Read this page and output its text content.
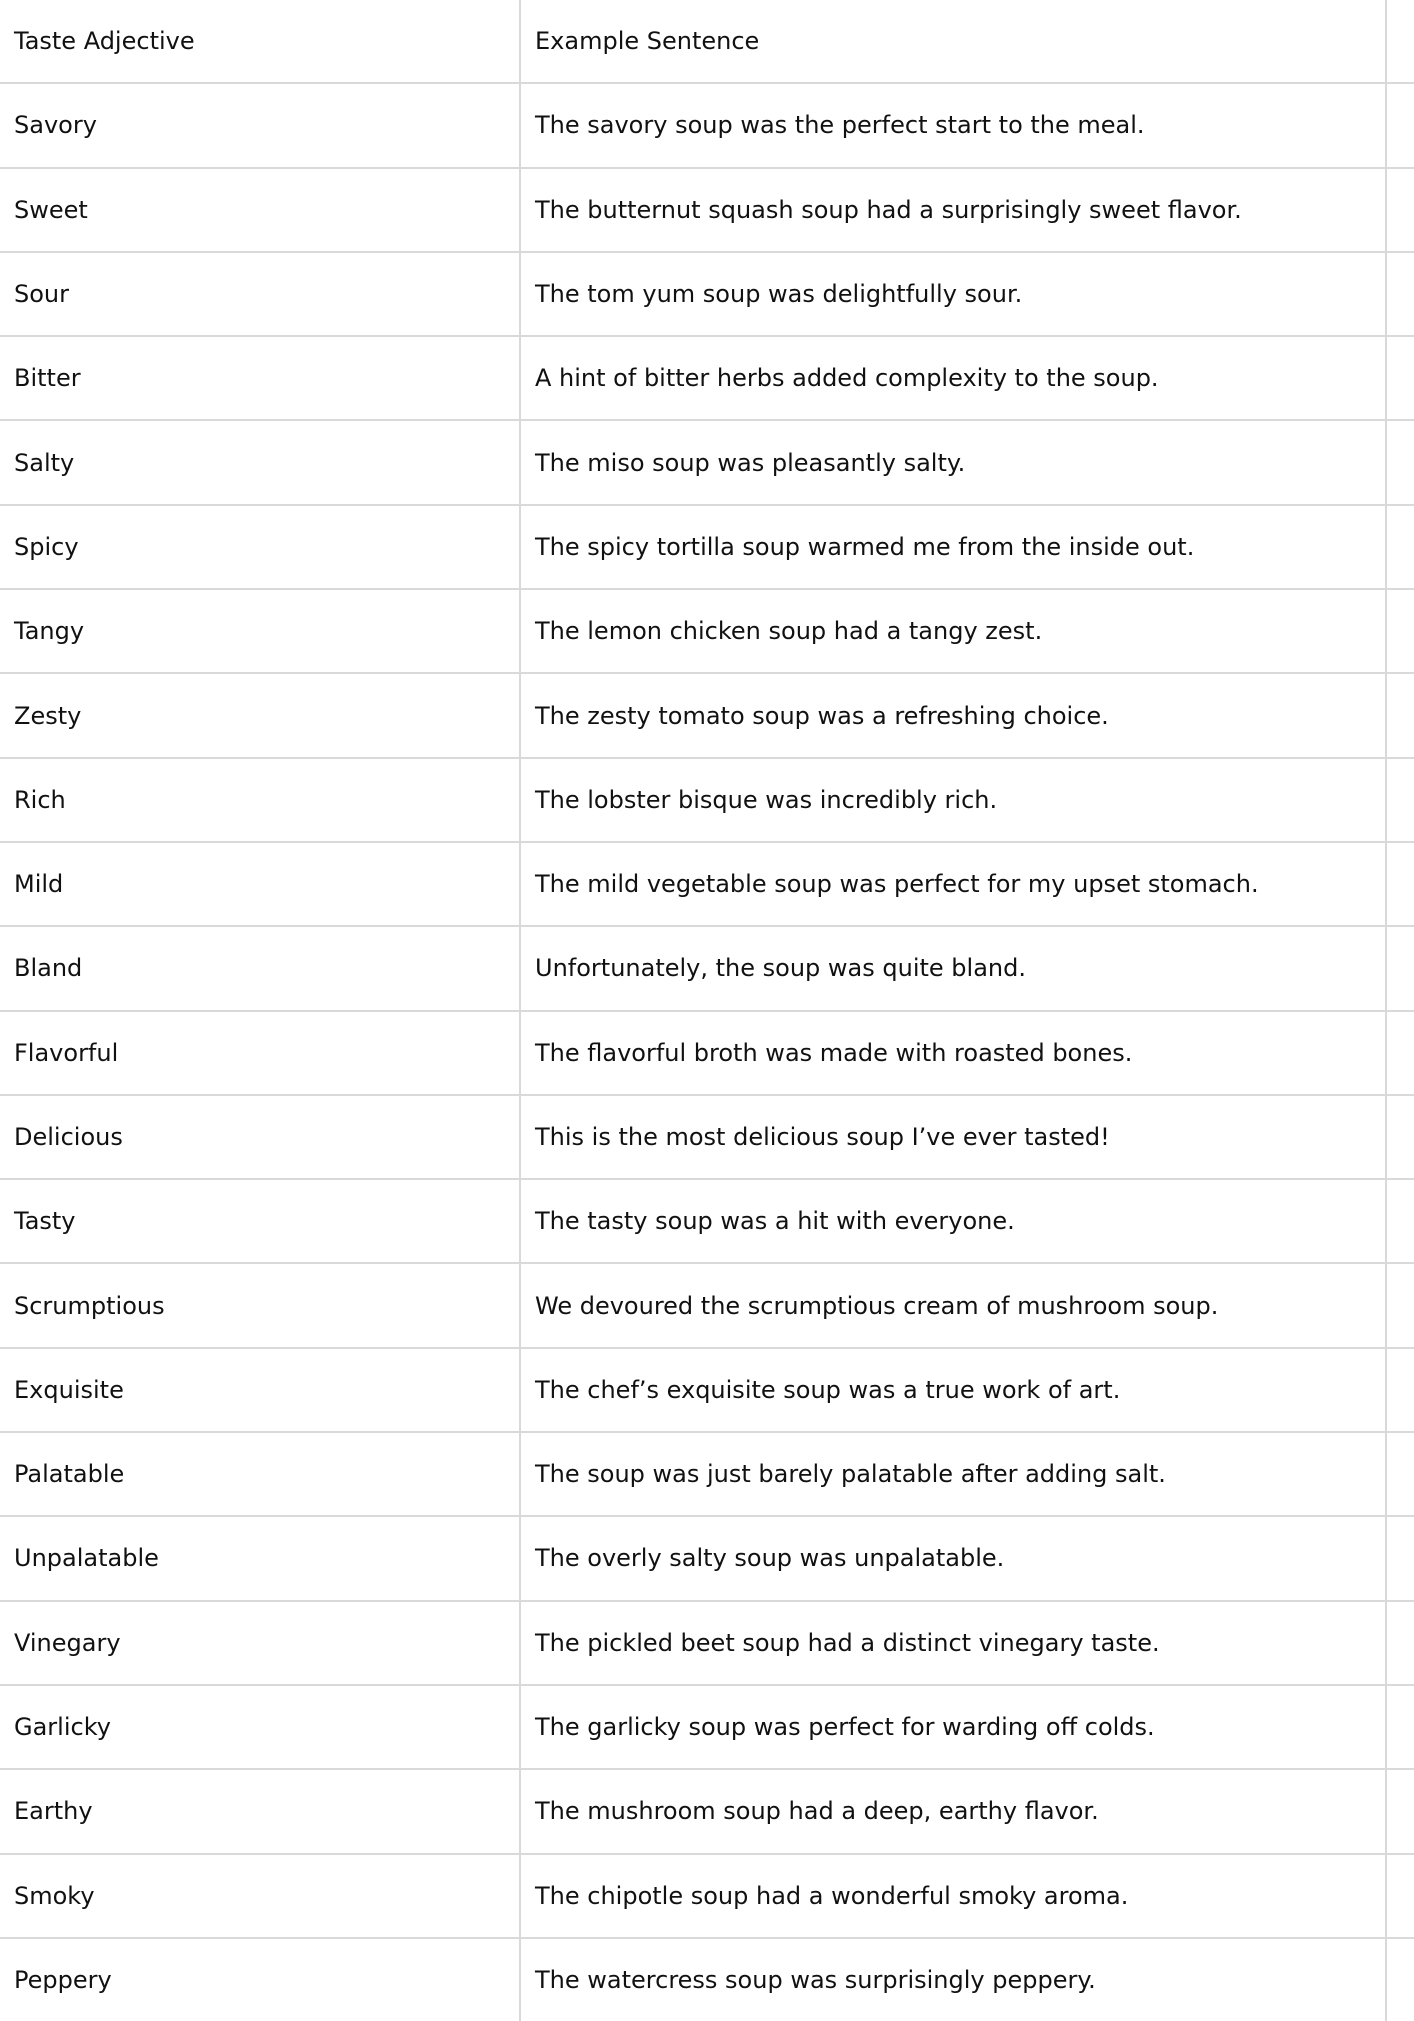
Taste Adjective	Example Sentence	
Savory	The savory soup was the perfect start to the meal.	
Sweet	The butternut squash soup had a surprisingly sweet flavor.	
Sour	The tom yum soup was delightfully sour.	
Bitter	A hint of bitter herbs added complexity to the soup.	
Salty	The miso soup was pleasantly salty.	
Spicy	The spicy tortilla soup warmed me from the inside out.	
Tangy	The lemon chicken soup had a tangy zest.	
Zesty	The zesty tomato soup was a refreshing choice.	
Rich	The lobster bisque was incredibly rich.	
Mild	The mild vegetable soup was perfect for my upset stomach.	
Bland	Unfortunately, the soup was quite bland.	
Flavorful	The flavorful broth was made with roasted bones.	
Delicious	This is the most delicious soup I’ve ever tasted!	
Tasty	The tasty soup was a hit with everyone.	
Scrumptious	We devoured the scrumptious cream of mushroom soup.	
Exquisite	The chef’s exquisite soup was a true work of art.	
Palatable	The soup was just barely palatable after adding salt.	
Unpalatable	The overly salty soup was unpalatable.	
Vinegary	The pickled beet soup had a distinct vinegary taste.	
Garlicky	The garlicky soup was perfect for warding off colds.	
Earthy	The mushroom soup had a deep, earthy flavor.	
Smoky	The chipotle soup had a wonderful smoky aroma.	
Peppery	The watercress soup was surprisingly peppery.	
